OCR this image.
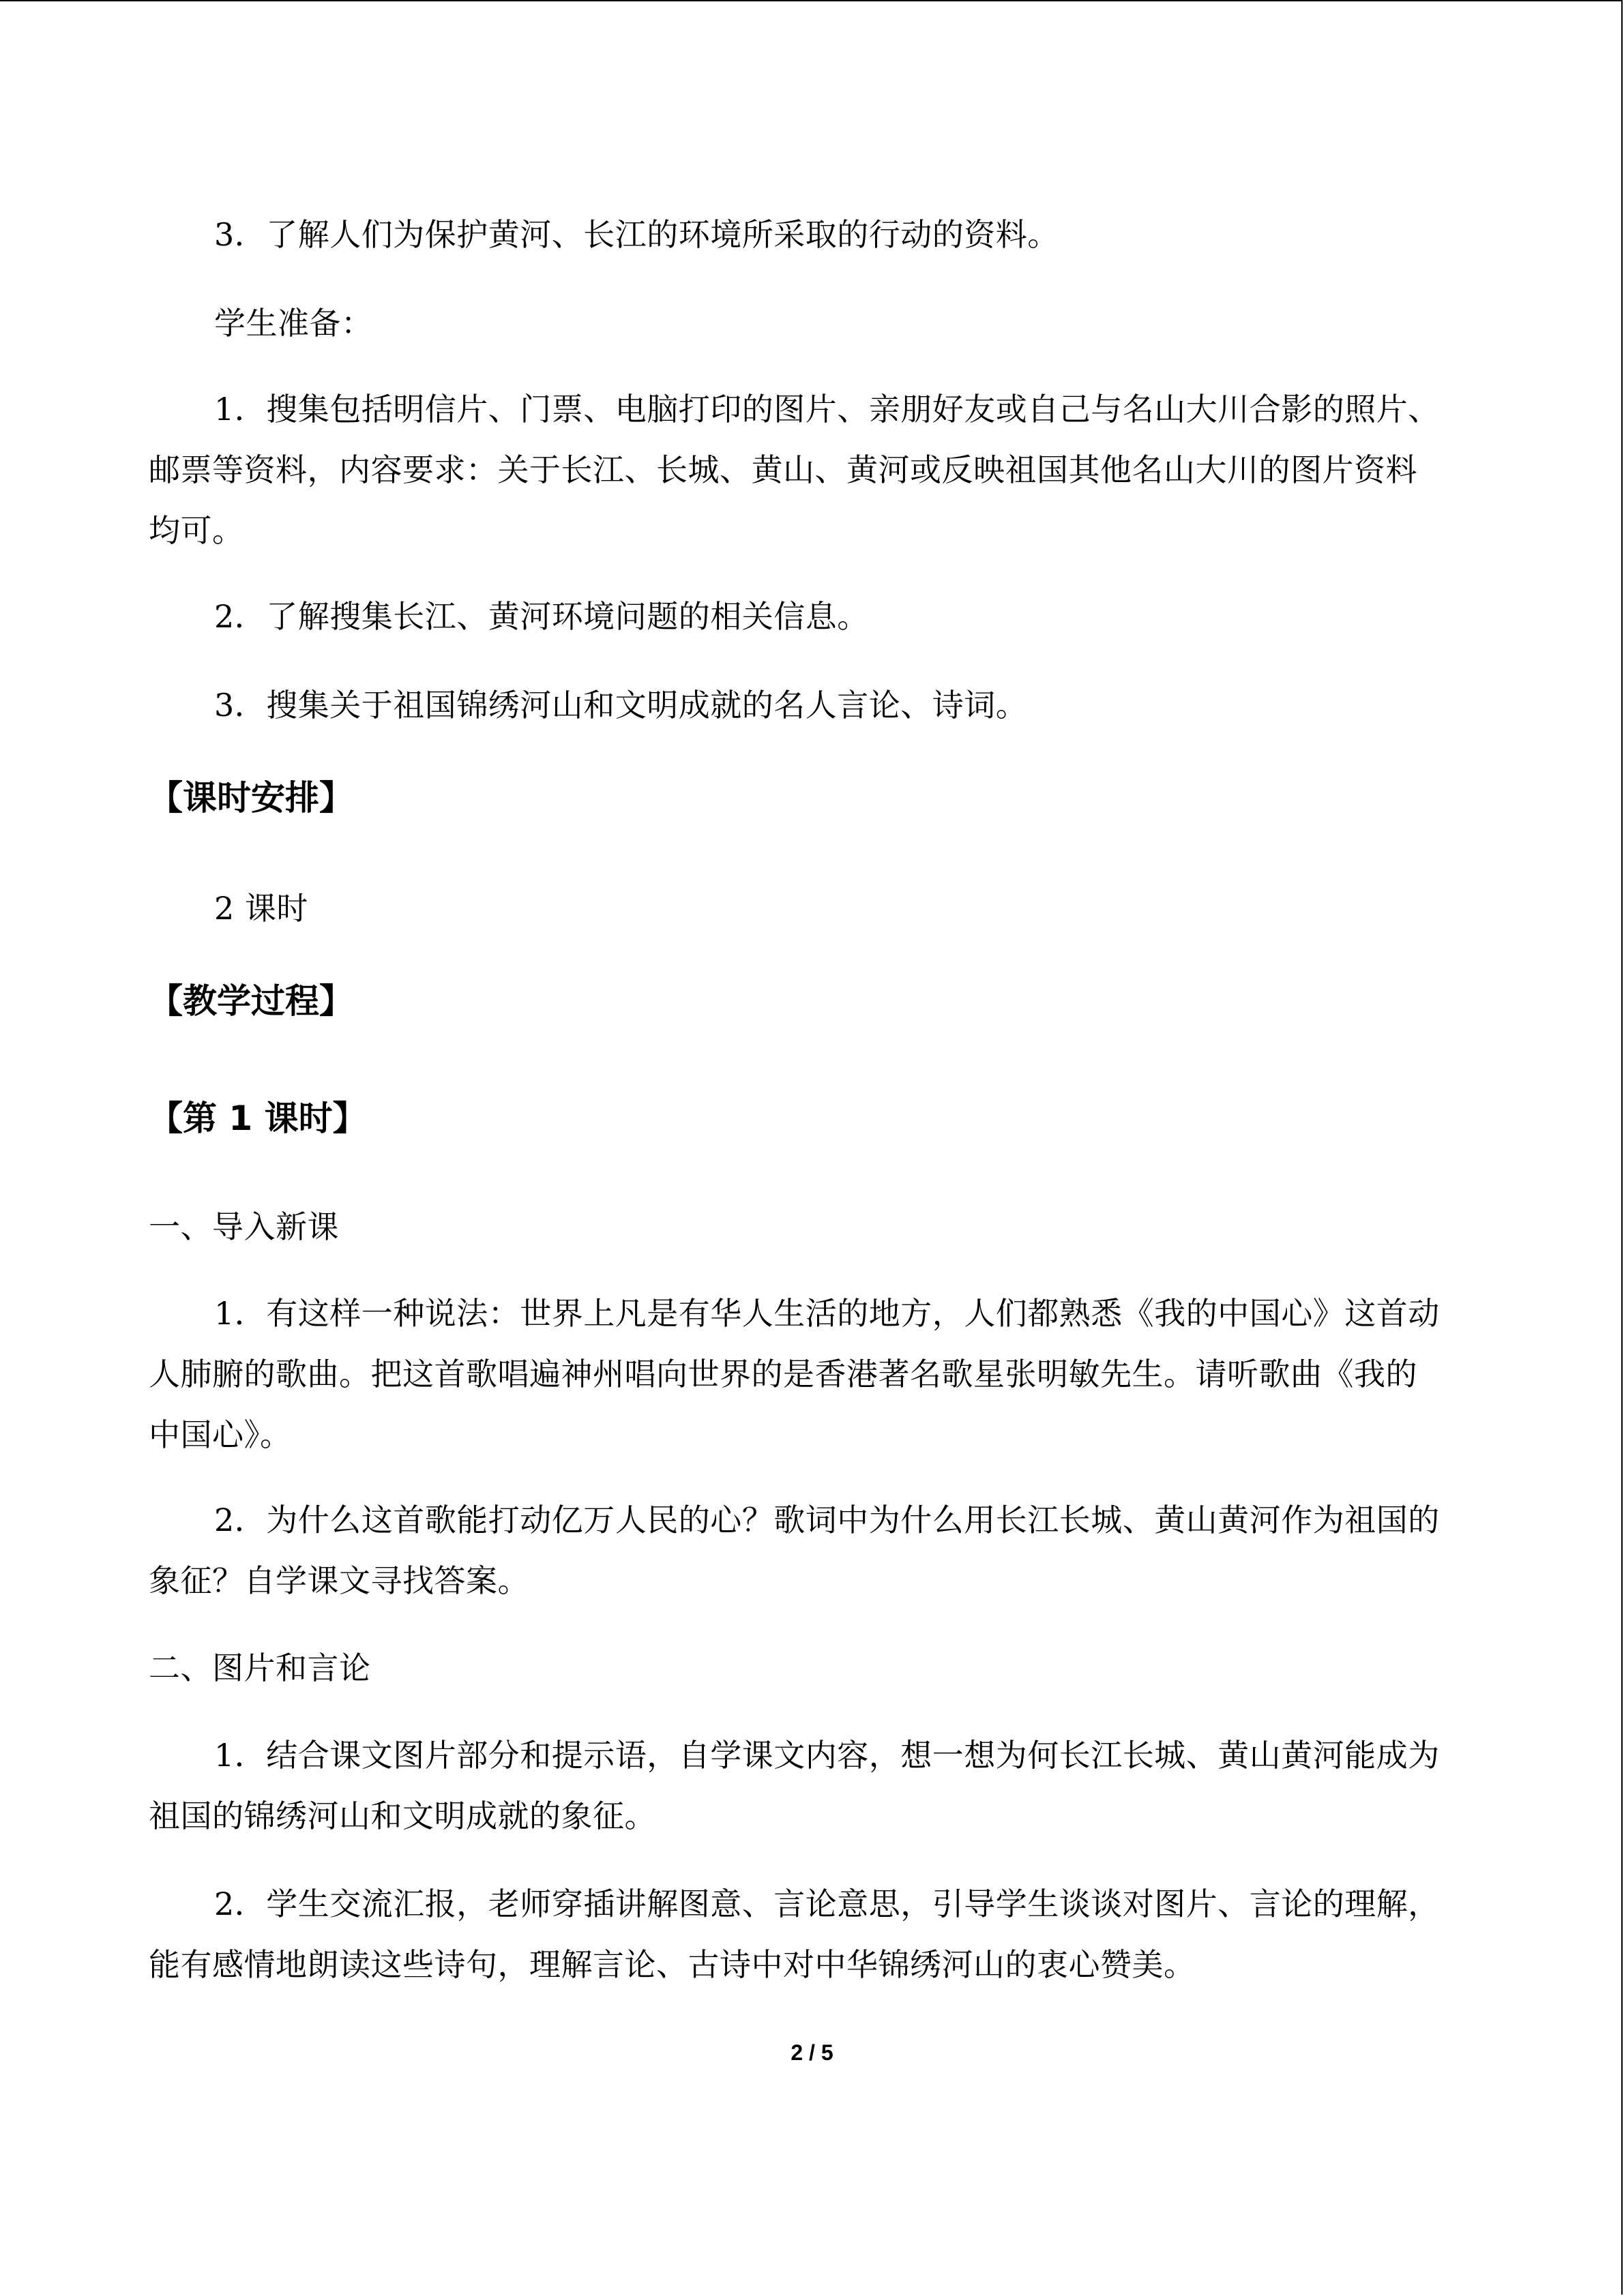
3．了解人们为保护黄河、长江的环境所采取的行动的资料。

学生准备：

1．搜集包括明信片、门票、电脑打印的图片、亲朋好友或自己与名山大川合影的照片、
邮票等资料，内容要求：关于长江、长城、黄山、黄河或反映祖国其他名山大川的图片资料
均可。

2．了解搜集长江、黄河环境问题的相关信息。

3．搜集关于祖国锦绣河山和文明成就的名人言论、诗词。

【课时安排】

2 课时

【教学过程】
【第 1 课时】

一、导入新课

1．有这样一种说法：世界上凡是有华人生活的地方，人们都熟悉《我的中国心》这首动
人肺腑的歌曲。把这首歌唱遍神州唱向世界的是香港著名歌星张明敏先生。请听歌曲《我的
中国心》。

2．为什么这首歌能打动亿万人民的心？歌词中为什么用长江长城、黄山黄河作为祖国的
象征？自学课文寻找答案。

二、图片和言论

1．结合课文图片部分和提示语，自学课文内容，想一想为何长江长城、黄山黄河能成为
祖国的锦绣河山和文明成就的象征。

2．学生交流汇报，老师穿插讲解图意、言论意思，引导学生谈谈对图片、言论的理解，
能有感情地朗读这些诗句，理解言论、古诗中对中华锦绣河山的衷心赞美。

2 / 5
